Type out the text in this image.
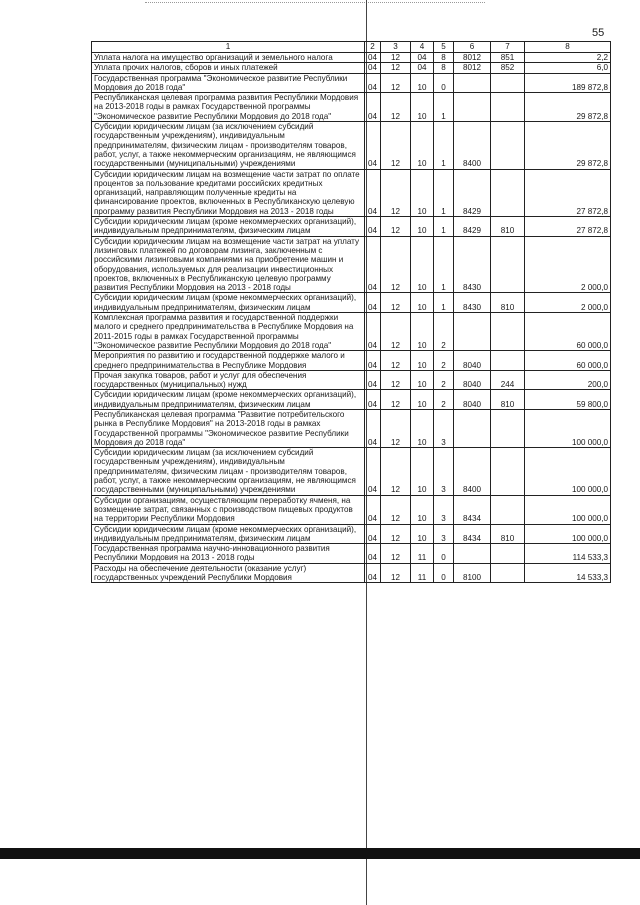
55
1	2	3	4	5	6	7	8
Уплата налога на имущество организаций и земельного налога	04	12	04	8	8012	851	2,2
Уплата прочих налогов, сборов и иных платежей	04	12	04	8	8012	852	6,0
Государственная программа "Экономическое развитие Республики Мордовия до 2018 года"	04	12	10	0			189 872,8
Республиканская целевая программа развития Республики Мордовия на 2013-2018 годы в рамках Государственной программы "Экономическое развитие Республики Мордовия до 2018 года"	04	12	10	1			29 872,8
Субсидии юридическим лицам (за исключением субсидий государственным учреждениям), индивидуальным предпринимателям, физическим лицам - производителям товаров, работ, услуг, а также некоммерческим организациям, не являющимся государственными (муниципальными) учреждениями	04	12	10	1	8400		29 872,8
Субсидии юридическим лицам на возмещение части затрат по оплате процентов за пользование кредитами российских кредитных организаций, направляющим полученные кредиты на финансирование проектов, включенных в Республиканскую целевую программу развития Республики Мордовия на 2013 - 2018 годы	04	12	10	1	8429		27 872,8
Субсидии юридическим лицам (кроме некоммерческих организаций), индивидуальным предпринимателям, физическим лицам	04	12	10	1	8429	810	27 872,8
Субсидии юридическим лицам на возмещение части затрат на уплату лизинговых платежей по договорам лизинга, заключенным с российскими лизинговыми компаниями на приобретение машин и оборудования, используемых для реализации инвестиционных проектов, включенных в Республиканскую целевую программу развития Республики Мордовия на 2013 - 2018 годы	04	12	10	1	8430		2 000,0
Субсидии юридическим лицам (кроме некоммерческих организаций), индивидуальным предпринимателям, физическим лицам	04	12	10	1	8430	810	2 000,0
Комплексная программа развития и государственной поддержки малого и среднего предпринимательства в Республике Мордовия на 2011-2015 годы в рамках Государственной программы "Экономическое развитие Республики Мордовия до 2018 года"	04	12	10	2			60 000,0
Мероприятия по развитию и государственной поддержке малого и среднего предпринимательства в Республике Мордовия	04	12	10	2	8040		60 000,0
Прочая закупка товаров, работ и услуг для обеспечения государственных (муниципальных) нужд	04	12	10	2	8040	244	200,0
Субсидии юридическим лицам (кроме некоммерческих организаций), индивидуальным предпринимателям, физическим лицам	04	12	10	2	8040	810	59 800,0
Республиканская целевая программа "Развитие потребительского рынка в Республике Мордовия" на 2013-2018 годы в рамках Государственной программы "Экономическое развитие Республики Мордовия до 2018 года"	04	12	10	3			100 000,0
Субсидии юридическим лицам (за исключением субсидий государственным учреждениям), индивидуальным предпринимателям, физическим лицам - производителям товаров, работ, услуг, а также некоммерческим организациям, не являющимся государственными (муниципальными) учреждениями	04	12	10	3	8400		100 000,0
Субсидии организациям, осуществляющим переработку ячменя, на возмещение затрат, связанных с производством пищевых продуктов на территории Республики Мордовия	04	12	10	3	8434		100 000,0
Субсидии юридическим лицам (кроме некоммерческих организаций), индивидуальным предпринимателям, физическим лицам	04	12	10	3	8434	810	100 000,0
Государственная программа научно-инновационного развития Республики Мордовия на 2013 - 2018 годы	04	12	11	0			114 533,3
Расходы на обеспечение деятельности (оказание услуг) государственных учреждений Республики Мордовия	04	12	11	0	8100		14 533,3
